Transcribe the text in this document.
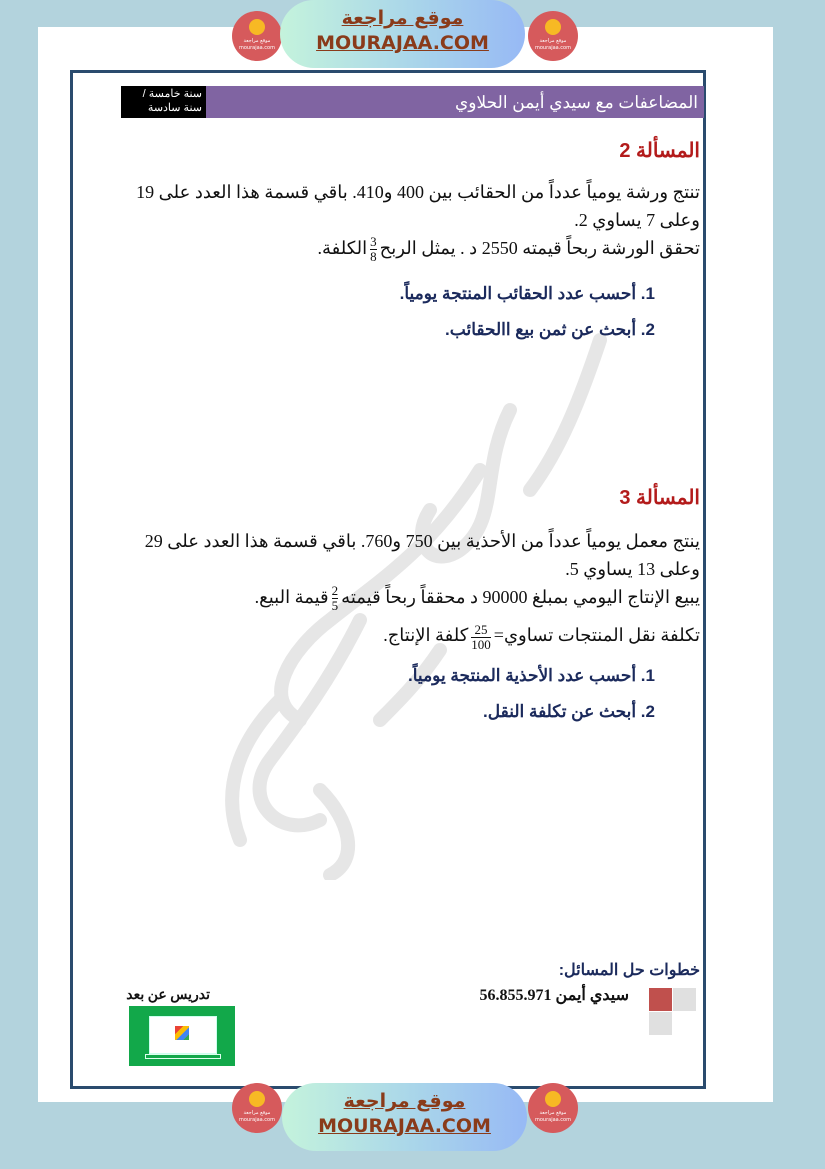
موقع مراجعة
mourajaa.com
موقع مراجعة
MOURAJAA.COM	موقع مراجعة
mourajaa.com
سنة خامسة /
سنة سادسة	المضاعفات مع سيدي أيمن الحلاوي
المسألة 2
تنتج ورشة يومياً عدداً من الحقائب بين 400 و410. باقي قسمة هذا العدد على 19 وعلى 7 يساوي 2.
تحقق الورشة ربحاً قيمته 2550 د . يمثل الربح
$\frac{3}{8}$
الكلفة.
1. أحسب عدد الحقائب المنتجة يومياً.
2. أبحث عن ثمن بيع االحقائب.
المسألة 3
ينتج معمل يومياً عدداً من الأحذية بين 750 و760. باقي قسمة هذا العدد على 29 وعلى 13 يساوي 5.
يبيع الإنتاج اليومي بمبلغ 90000 د محققاً ربحاً قيمته
$\frac{2}{5}$
قيمة البيع.
تكلفة نقل المنتجات تساوي=
$\frac{25}{100}$
كلفة الإنتاج.
1. أحسب عدد الأحذية المنتجة يومياً.
2. أبحث عن تكلفة النقل.
خطوات حل المسائل:
سيدي أيمن 56.855.971
تدريس عن بعد
موقع مراجعة
mourajaa.com
موقع مراجعة
MOURAJAA.COM
موقع مراجعة
mourajaa.com
